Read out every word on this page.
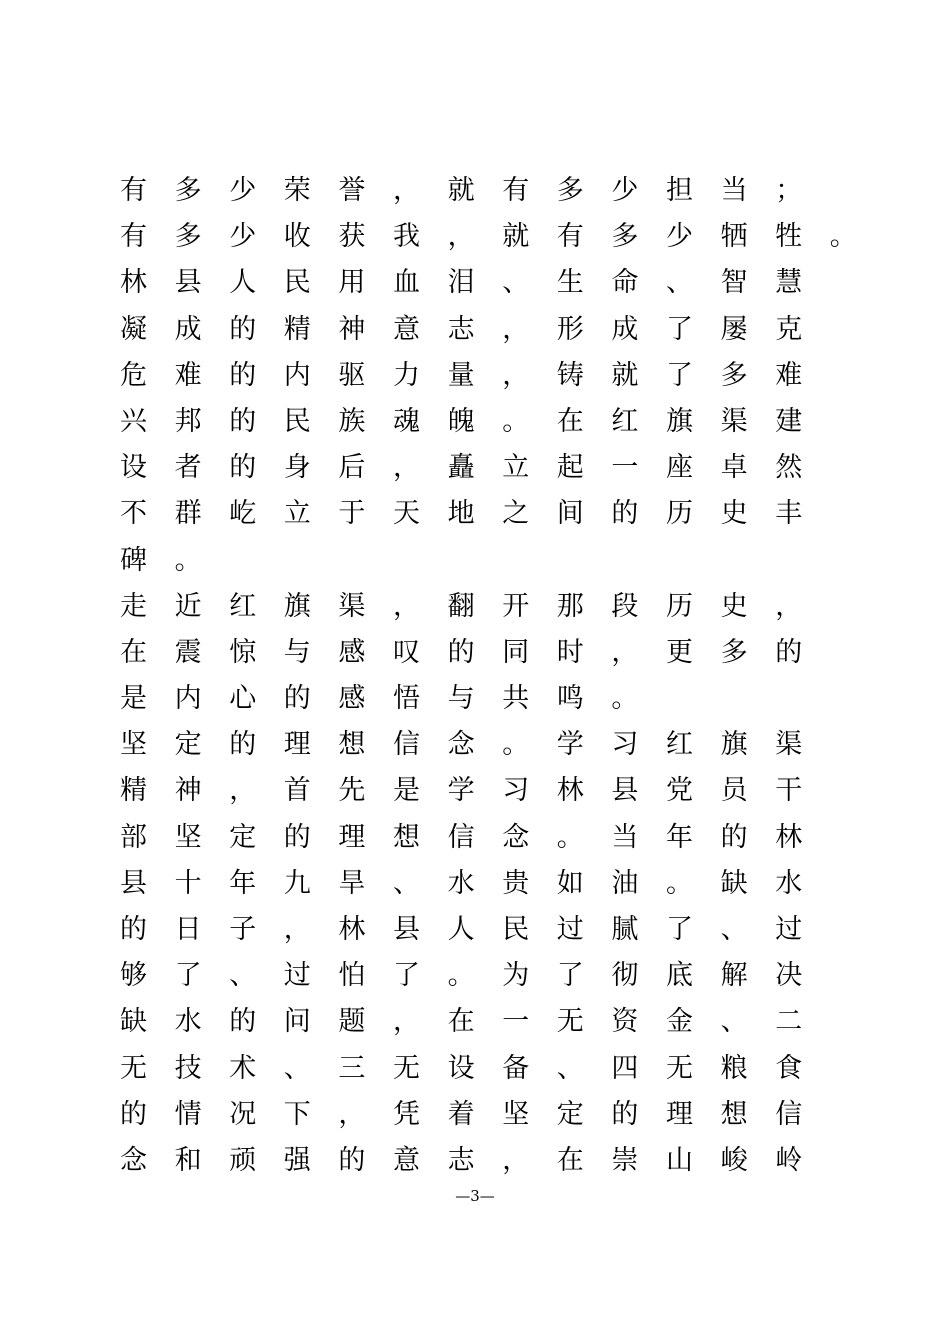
有多少荣誉，就有多少担当；
有多少收获我，就有多少牺牲。
林县人民用血泪、生命、智慧
凝成的精神意志，形成了屡克
危难的内驱力量，铸就了多难
兴邦的民族魂魄。在红旗渠建
设者的身后，矗立起一座卓然
不群屹立于天地之间的历史丰
碑。
走近红旗渠，翻开那段历史，
在震惊与感叹的同时，更多的
是内心的感悟与共鸣。
坚定的理想信念。学习红旗渠
精神，首先是学习林县党员干
部坚定的理想信念。当年的林
县十年九旱、水贵如油。缺水
的日子，林县人民过腻了、过
够了、过怕了。为了彻底解决
缺水的问题，在一无资金、二
无技术、三无设备、四无粮食
的情况下，凭着坚定的理想信
念和顽强的意志，在崇山峻岭
—3—
